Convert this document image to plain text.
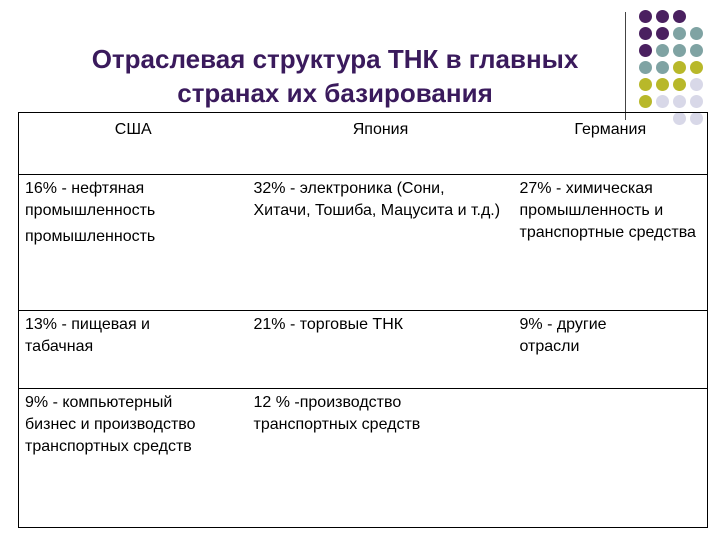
Отраслевая структура ТНК в главных
странах их базирования
США	Япония	Германия

16% - нефтяная
промышленность
промышленность	32% - электроника (Сони, Хитачи, Тошиба, Мацусита и т.д.)	27% - химическая промышленность и транспортные средства

13% - пищевая и табачная	21% - торговые ТНК	9% - другие отрасли

9% - компьютерный бизнес и производство транспортных средств	12 % -производство транспортных средств	
